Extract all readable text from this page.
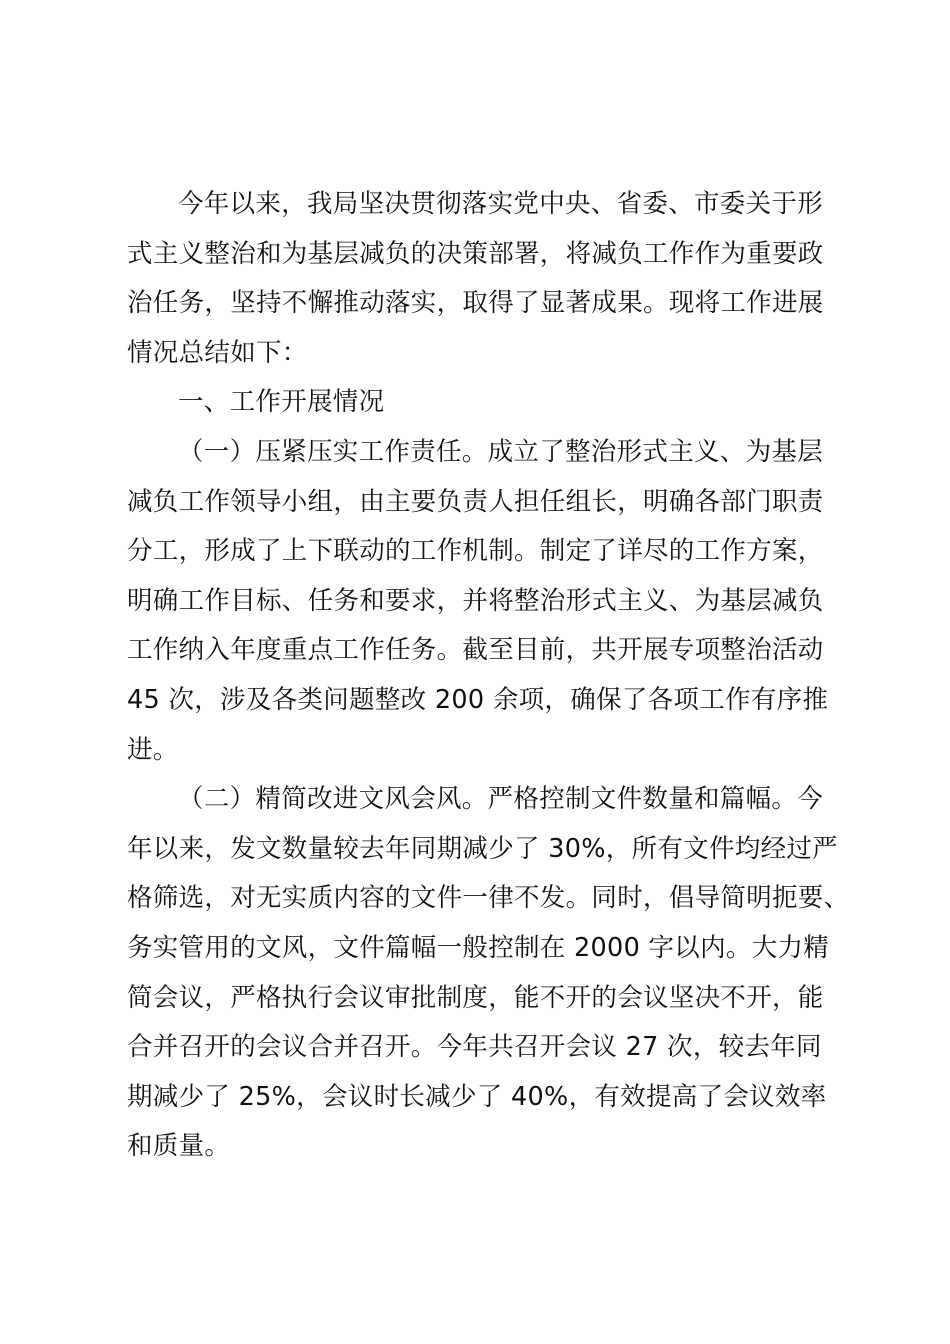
今年以来，我局坚决贯彻落实党中央、省委、市委关于形
式主义整治和为基层减负的决策部署，将减负工作作为重要政
治任务，坚持不懈推动落实，取得了显著成果。现将工作进展
情况总结如下：
一、工作开展情况
（一）压紧压实工作责任。成立了整治形式主义、为基层
减负工作领导小组，由主要负责人担任组长，明确各部门职责
分工，形成了上下联动的工作机制。制定了详尽的工作方案，
明确工作目标、任务和要求，并将整治形式主义、为基层减负
工作纳入年度重点工作任务。截至目前，共开展专项整治活动
45 次，涉及各类问题整改 200 余项，确保了各项工作有序推
进。
（二）精简改进文风会风。严格控制文件数量和篇幅。今
年以来，发文数量较去年同期减少了 30%，所有文件均经过严
格筛选，对无实质内容的文件一律不发。同时，倡导简明扼要、
务实管用的文风，文件篇幅一般控制在 2000 字以内。大力精
简会议，严格执行会议审批制度，能不开的会议坚决不开，能
合并召开的会议合并召开。今年共召开会议 27 次，较去年同
期减少了 25%，会议时长减少了 40%，有效提高了会议效率
和质量。
